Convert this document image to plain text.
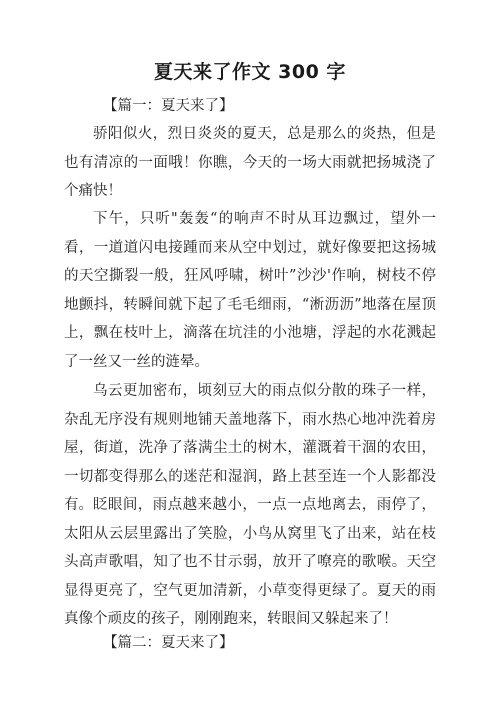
夏天来了作文 300 字
【篇一：夏天来了】

骄阳似火，烈日炎炎的夏天，总是那么的炎热，但是也有清凉的一面哦！你瞧，今天的一场大雨就把扬城浇了个痛快！

下午，只听"轰轰“的响声不时从耳边飘过，望外一看，一道道闪电接踵而来从空中划过，就好像要把这扬城的天空撕裂一般，狂风呼啸，树叶”沙沙'作响，树枝不停地颤抖，转瞬间就下起了毛毛细雨，“淅沥沥”地落在屋顶上，飘在枝叶上，滴落在坑洼的小池塘，浮起的水花溅起了一丝又一丝的涟晕。

乌云更加密布，顷刻豆大的雨点似分散的珠子一样，杂乱无序没有规则地铺天盖地落下，雨水热心地冲洗着房屋，街道，洗净了落满尘土的树木，灌溉着干涸的农田，一切都变得那么的迷茫和湿润，路上甚至连一个人影都没有。 眨眼间，雨点越来越小，一点一点地离去，雨停了，太阳从云层里露出了笑脸，小鸟从窝里飞了出来，站在枝头高声歌唱，知了也不甘示弱，放开了嘹亮的歌喉。天空显得更亮了，空气更加清新，小草变得更绿了。夏天的雨真像个顽皮的孩子，刚刚跑来，转眼间又躲起来了！

【篇二：夏天来了】
